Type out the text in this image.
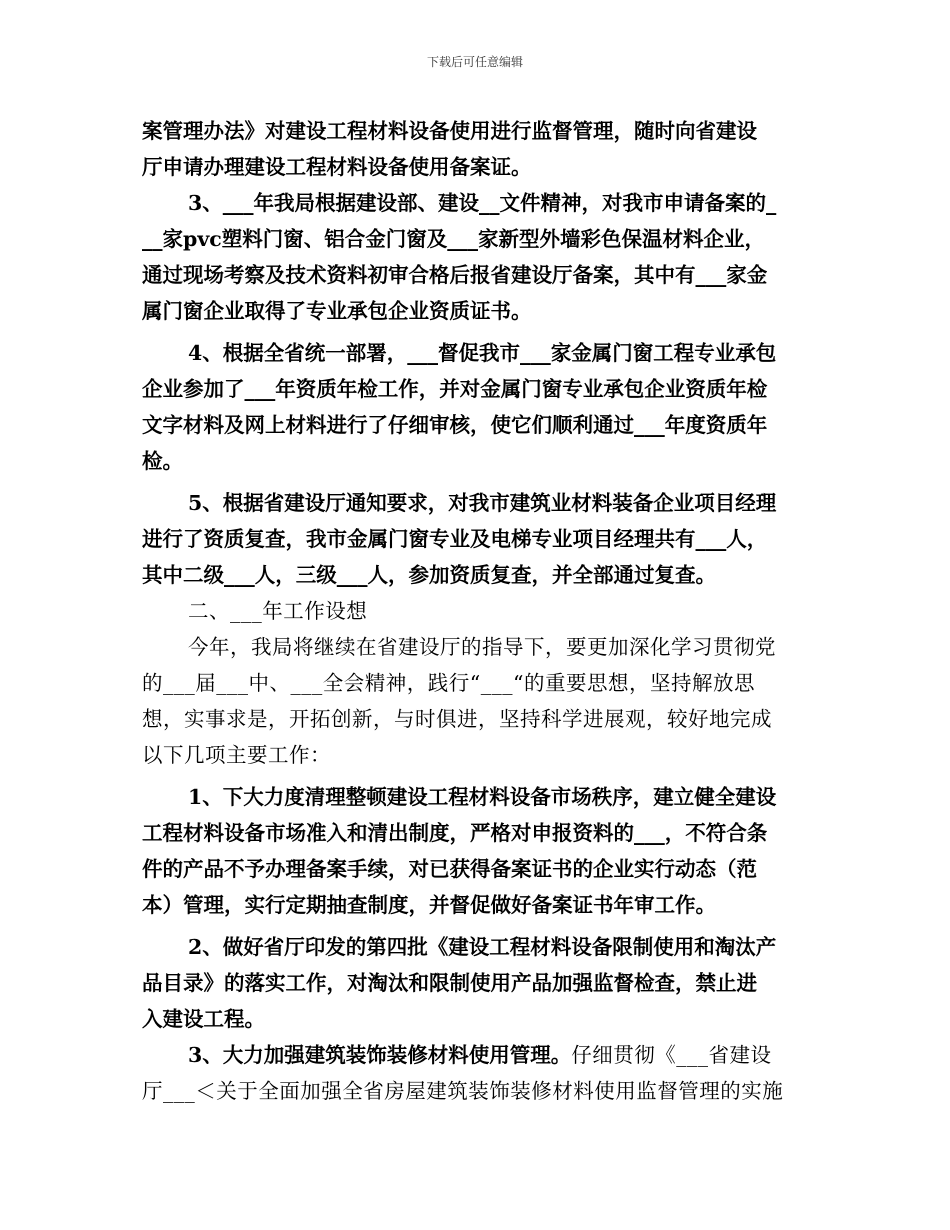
下载后可任意编辑
案管理办法》对建设工程材料设备使用进行监督管理，随时向省建设
厅申请办理建设工程材料设备使用备案证。
3、___年我局根据建设部、建设__文件精神，对我市申请备案的_
__家pvc塑料门窗、铝合金门窗及___家新型外墙彩色保温材料企业，
通过现场考察及技术资料初审合格后报省建设厅备案，其中有___家金
属门窗企业取得了专业承包企业资质证书。
4、根据全省统一部署，___督促我市___家金属门窗工程专业承包
企业参加了___年资质年检工作，并对金属门窗专业承包企业资质年检
文字材料及网上材料进行了仔细审核，使它们顺利通过___年度资质年
检。
5、根据省建设厅通知要求，对我市建筑业材料装备企业项目经理
进行了资质复查，我市金属门窗专业及电梯专业项目经理共有___人，
其中二级___人，三级___人，参加资质复查，并全部通过复查。
二、___年工作设想
今年，我局将继续在省建设厅的指导下，要更加深化学习贯彻党
的___届___中、___全会精神，践行“___“的重要思想，坚持解放思
想，实事求是，开拓创新，与时俱进，坚持科学进展观，较好地完成
以下几项主要工作：
1、下大力度清理整顿建设工程材料设备市场秩序，建立健全建设
工程材料设备市场准入和清出制度，严格对申报资料的___，不符合条
件的产品不予办理备案手续，对已获得备案证书的企业实行动态（范
本）管理，实行定期抽查制度，并督促做好备案证书年审工作。
2、做好省厅印发的第四批《建设工程材料设备限制使用和淘汰产
品目录》的落实工作，对淘汰和限制使用产品加强监督检查，禁止进
入建设工程。
3、大力加强建筑装饰装修材料使用管理。仔细贯彻《___省建设
厅___＜关于全面加强全省房屋建筑装饰装修材料使用监督管理的实施
